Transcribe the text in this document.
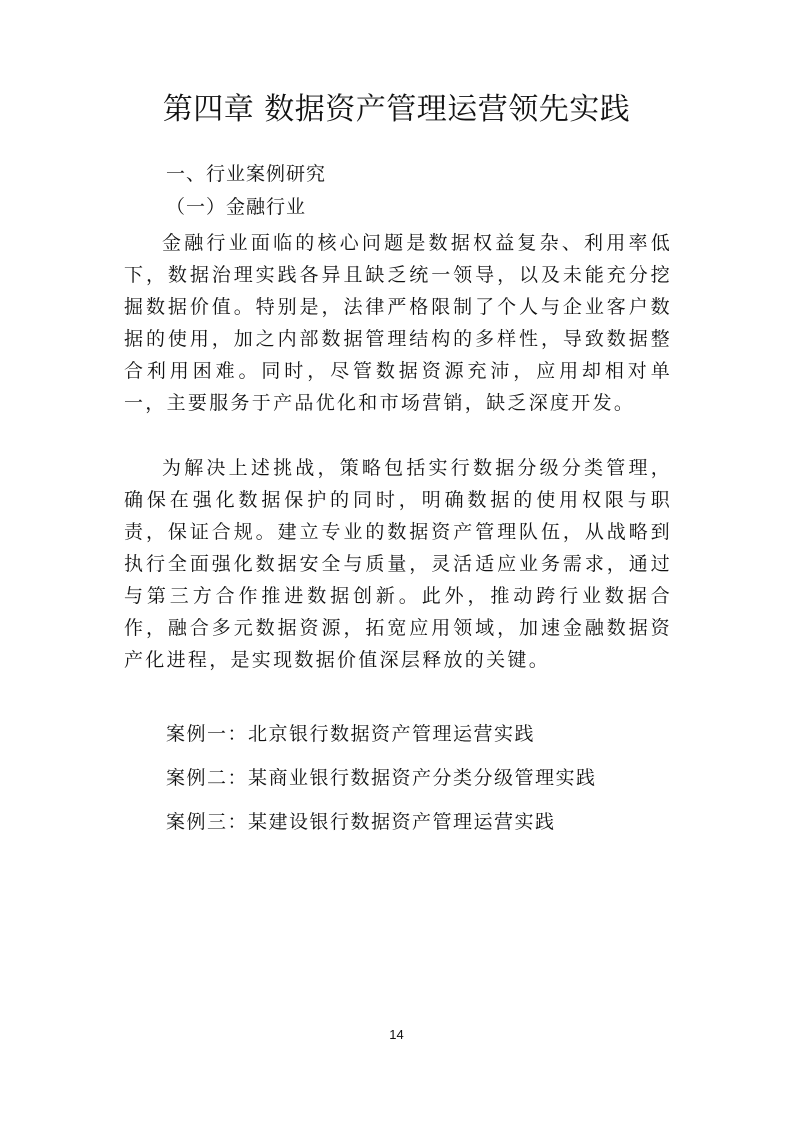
第四章 数据资产管理运营领先实践

一、行业案例研究

（一）金融行业

金融行业面临的核心问题是数据权益复杂、利用率低下，数据治理实践各异且缺乏统一领导，以及未能充分挖掘数据价值。特别是，法律严格限制了个人与企业客户数据的使用，加之内部数据管理结构的多样性，导致数据整合利用困难。同时，尽管数据资源充沛，应用却相对单一，主要服务于产品优化和市场营销，缺乏深度开发。

为解决上述挑战，策略包括实行数据分级分类管理，确保在强化数据保护的同时，明确数据的使用权限与职责，保证合规。建立专业的数据资产管理队伍，从战略到执行全面强化数据安全与质量，灵活适应业务需求，通过与第三方合作推进数据创新。此外，推动跨行业数据合作，融合多元数据资源，拓宽应用领域，加速金融数据资产化进程，是实现数据价值深层释放的关键。

案例一：北京银行数据资产管理运营实践
案例二：某商业银行数据资产分类分级管理实践
案例三：某建设银行数据资产管理运营实践
14
